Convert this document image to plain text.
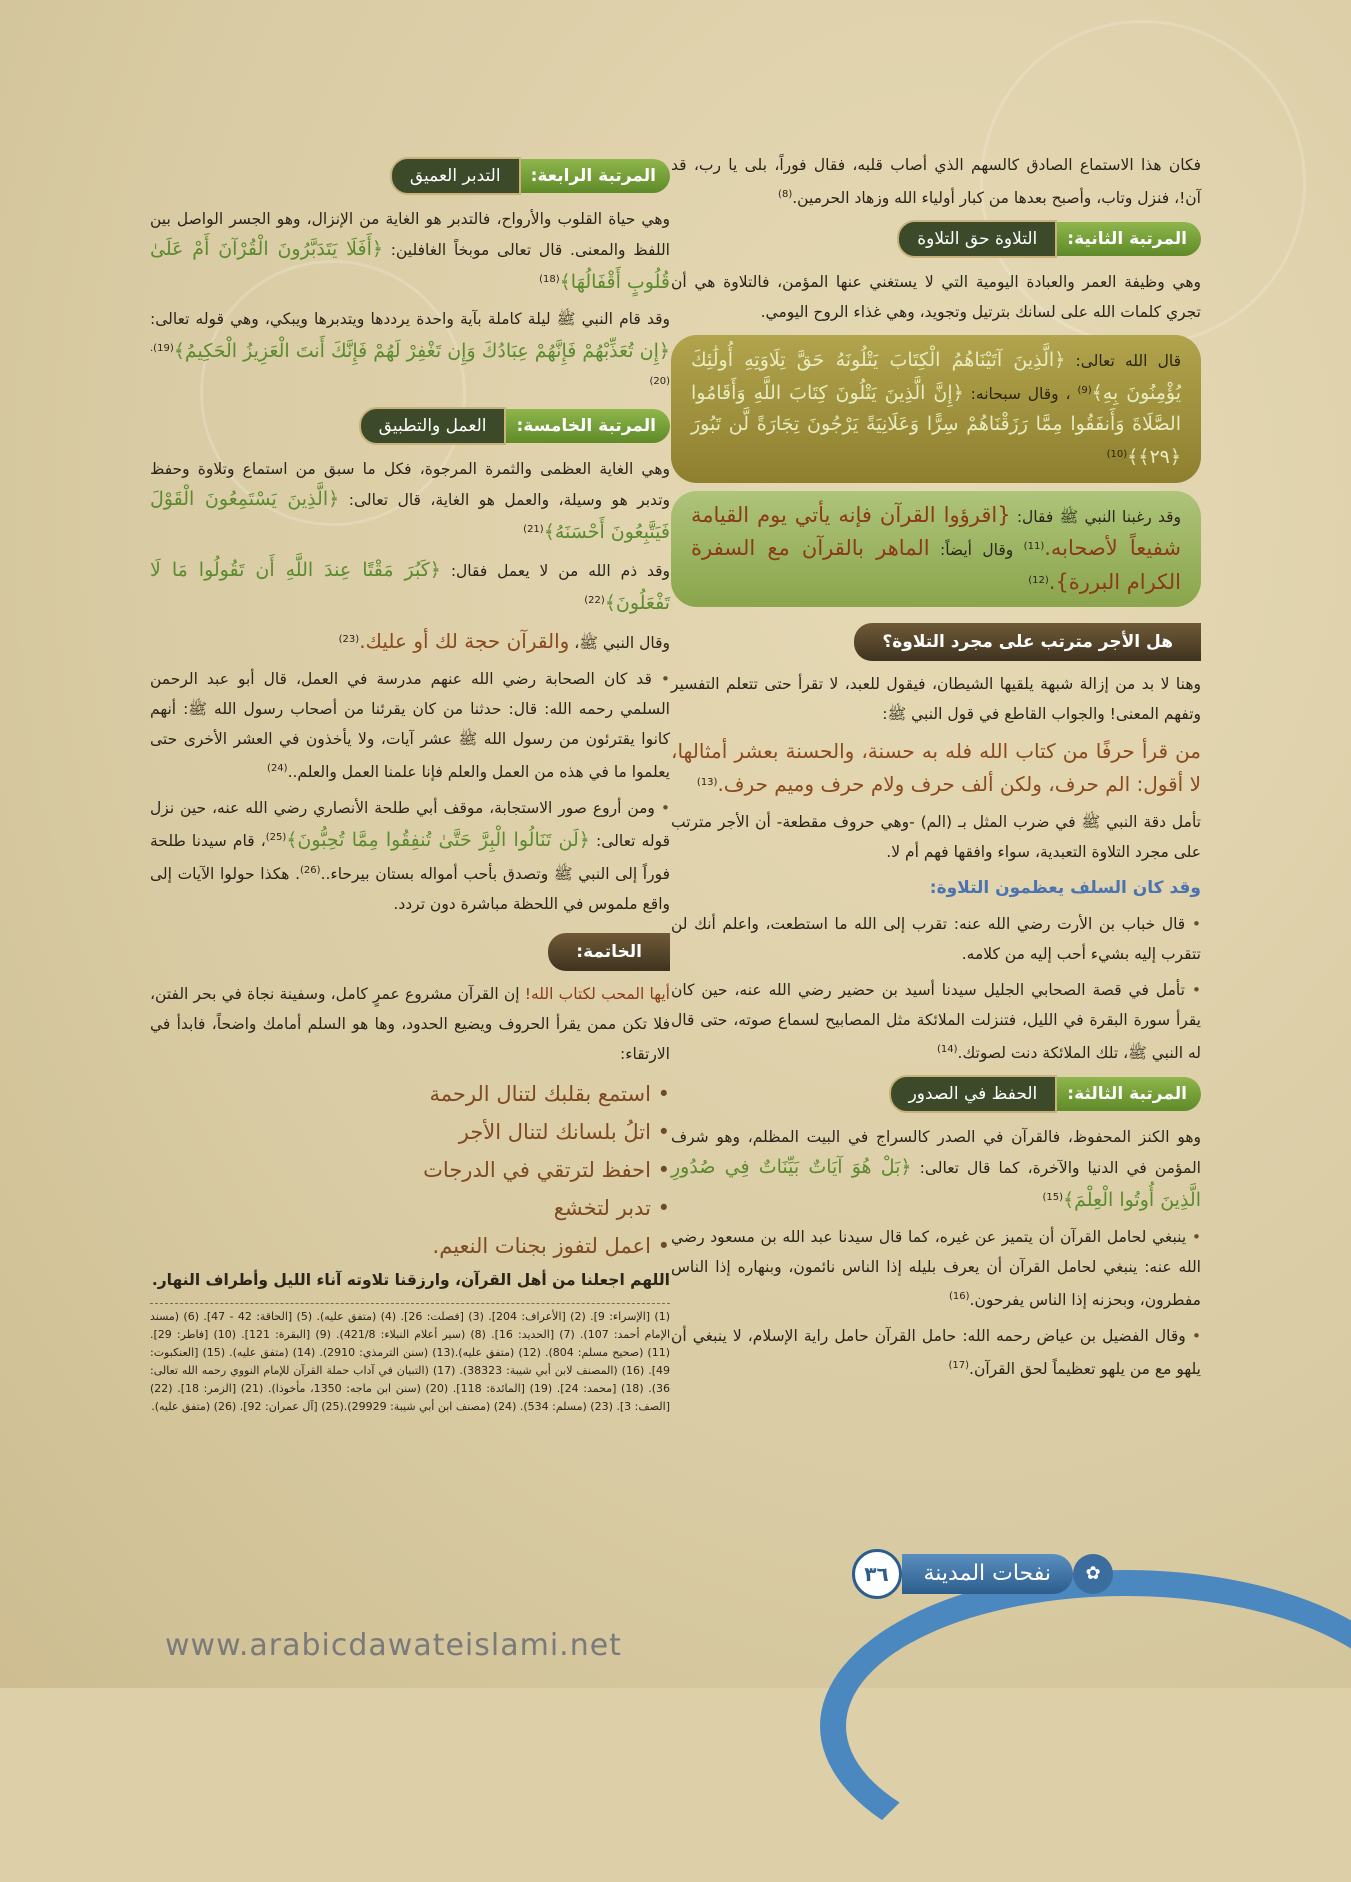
فكان هذا الاستماع الصادق كالسهم الذي أصاب قلبه، فقال فوراً، بلى يا رب، قد آن!، فنزل وتاب، وأصبح بعدها من كبار أولياء الله وزهاد الحرمين.$^{(8)}$

المرتبة الثانية:
التلاوة حق التلاوة

وهي وظيفة العمر والعبادة اليومية التي لا يستغني عنها المؤمن، فالتلاوة هي أن تجري كلمات الله على لسانك بترتيل وتجويد، وهي غذاء الروح اليومي.

قال الله تعالى: ﴿الَّذِينَ آتَيْنَاهُمُ الْكِتَابَ يَتْلُونَهُ حَقَّ تِلَاوَتِهِ أُولَٰئِكَ يُؤْمِنُونَ بِهِ﴾$^{(9)}$ ، وقال سبحانه: ﴿إِنَّ الَّذِينَ يَتْلُونَ كِتَابَ اللَّهِ وَأَقَامُوا الصَّلَاةَ وَأَنفَقُوا مِمَّا رَزَقْنَاهُمْ سِرًّا وَعَلَانِيَةً يَرْجُونَ تِجَارَةً لَّن تَبُورَ ﴿٢٩﴾﴾$^{(10)}$
وقد رغبنا النبي ﷺ فقال: {اقرؤوا القرآن فإنه يأتي يوم القيامة شفيعاً لأصحابه.$^{(11)}$ وقال أيضاً: الماهر بالقرآن مع السفرة الكرام البررة}.$^{(12)}$
هل الأجر مترتب على مجرد التلاوة؟

وهنا لا بد من إزالة شبهة يلقيها الشيطان، فيقول للعبد، لا تقرأ حتى تتعلم التفسير وتفهم المعنى! والجواب القاطع في قول النبي ﷺ:

من قرأ حرفًا من كتاب الله فله به حسنة، والحسنة بعشر أمثالها، لا أقول: الم حرف، ولكن ألف حرف ولام حرف وميم حرف.$^{(13)}$

تأمل دقة النبي ﷺ في ضرب المثل بـ (الم) -وهي حروف مقطعة- أن الأجر مترتب على مجرد التلاوة التعبدية، سواء وافقها فهم أم لا.

وقد كان السلف يعظمون التلاوة:

• قال خباب بن الأرت رضي الله عنه: تقرب إلى الله ما استطعت، واعلم أنك لن تتقرب إليه بشيء أحب إليه من كلامه.

• تأمل في قصة الصحابي الجليل سيدنا أسيد بن حضير رضي الله عنه، حين كان يقرأ سورة البقرة في الليل، فتنزلت الملائكة مثل المصابيح لسماع صوته، حتى قال له النبي ﷺ، تلك الملائكة دنت لصوتك.$^{(14)}$

المرتبة الثالثة:
الحفظ في الصدور

وهو الكنز المحفوظ، فالقرآن في الصدر كالسراج في البيت المظلم، وهو شرف المؤمن في الدنيا والآخرة، كما قال تعالى: ﴿بَلْ هُوَ آيَاتٌ بَيِّنَاتٌ فِي صُدُورِ الَّذِينَ أُوتُوا الْعِلْمَ﴾$^{(15)}$

• ينبغي لحامل القرآن أن يتميز عن غيره، كما قال سيدنا عبد الله بن مسعود رضي الله عنه: ينبغي لحامل القرآن أن يعرف بليله إذا الناس نائمون، وبنهاره إذا الناس مفطرون، وبحزنه إذا الناس يفرحون.$^{(16)}$

• وقال الفضيل بن عياض رحمه الله: حامل القرآن حامل راية الإسلام، لا ينبغي أن يلهو مع من يلهو تعظيماً لحق القرآن.$^{(17)}$

المرتبة الرابعة:
التدبر العميق

وهي حياة القلوب والأرواح، فالتدبر هو الغاية من الإنزال، وهو الجسر الواصل بين اللفظ والمعنى. قال تعالى موبخاً الغافلين: ﴿أَفَلَا يَتَدَبَّرُونَ الْقُرْآنَ أَمْ عَلَىٰ قُلُوبٍ أَقْفَالُهَا﴾$^{(18)}$

وقد قام النبي ﷺ ليلة كاملة بآية واحدة يرددها ويتدبرها ويبكي، وهي قوله تعالى: ﴿إِن تُعَذِّبْهُمْ فَإِنَّهُمْ عِبَادُكَ وَإِن تَغْفِرْ لَهُمْ فَإِنَّكَ أَنتَ الْعَزِيزُ الْحَكِيمُ﴾$^{(19).(20)}$

المرتبة الخامسة:
العمل والتطبيق

وهي الغاية العظمى والثمرة المرجوة، فكل ما سبق من استماع وتلاوة وحفظ وتدبر هو وسيلة، والعمل هو الغاية، قال تعالى: ﴿الَّذِينَ يَسْتَمِعُونَ الْقَوْلَ فَيَتَّبِعُونَ أَحْسَنَهُ﴾$^{(21)}$

وقد ذم الله من لا يعمل فقال: ﴿كَبُرَ مَقْتًا عِندَ اللَّهِ أَن تَقُولُوا مَا لَا تَفْعَلُونَ﴾$^{(22)}$

وقال النبي ﷺ، والقرآن حجة لك أو عليك.$^{(23)}$

• قد كان الصحابة رضي الله عنهم مدرسة في العمل، قال أبو عبد الرحمن السلمي رحمه الله: قال: حدثنا من كان يقرئنا من أصحاب رسول الله ﷺ: أنهم كانوا يقترئون من رسول الله ﷺ عشر آيات، ولا يأخذون في العشر الأخرى حتى يعلموا ما في هذه من العمل والعلم فإنا علمنا العمل والعلم..$^{(24)}$

• ومن أروع صور الاستجابة، موقف أبي طلحة الأنصاري رضي الله عنه، حين نزل قوله تعالى: ﴿لَن تَنَالُوا الْبِرَّ حَتَّىٰ تُنفِقُوا مِمَّا تُحِبُّونَ﴾$^{(25)}$، قام سيدنا طلحة فوراً إلى النبي ﷺ وتصدق بأحب أمواله بستان بيرحاء..$^{(26)}$. هكذا حولوا الآيات إلى واقع ملموس في اللحظة مباشرة دون تردد.

الخاتمة:

أيها المحب لكتاب الله! إن القرآن مشروع عمرٍ كامل، وسفينة نجاة في بحر الفتن، فلا تكن ممن يقرأ الحروف ويضيع الحدود، وها هو السلم أمامك واضحاً، فابدأ في الارتقاء:

• استمع بقلبك لتنال الرحمة
• اتلُ بلسانك لتنال الأجر
• احفظ لترتقي في الدرجات
• تدبر لتخشع
• اعمل لتفوز بجنات النعيم.

اللهم اجعلنا من أهل القرآن، وارزقنا تلاوته آناء الليل وأطراف النهار.

(1) [الإسراء: 9]. (2) [الأعراف: 204]. (3) [فصلت: 26]. (4) (متفق عليه). (5) [الحاقة: 42 - 47]. (6) (مسند الإمام أحمد: 107). (7) [الحديد: 16]. (8) (سير أعلام النبلاء: 421/8). (9) [البقرة: 121]. (10) [فاطر: 29]. (11) (صحيح مسلم: 804). (12) (متفق عليه).(13) (سنن الترمذي: 2910). (14) (متفق عليه). (15) [العنكبوت: 49]. (16) (المصنف لابن أبي شيبة: 38323). (17) (التبيان في آداب حملة القرآن للإمام النووي رحمه الله تعالى: 36). (18) [محمد: 24]. (19) [المائدة: 118]. (20) (سنن ابن ماجه: 1350، مأخوذا). (21) [الزمر: 18]. (22) [الصف: 3]. (23) (مسلم: 534). (24) (مصنف ابن أبي شيبة: 29929).(25) [آل عمران: 92]. (26) (متفق عليه).
✿
نفحات المدينة
٣٦
www.arabicdawateislami.net
